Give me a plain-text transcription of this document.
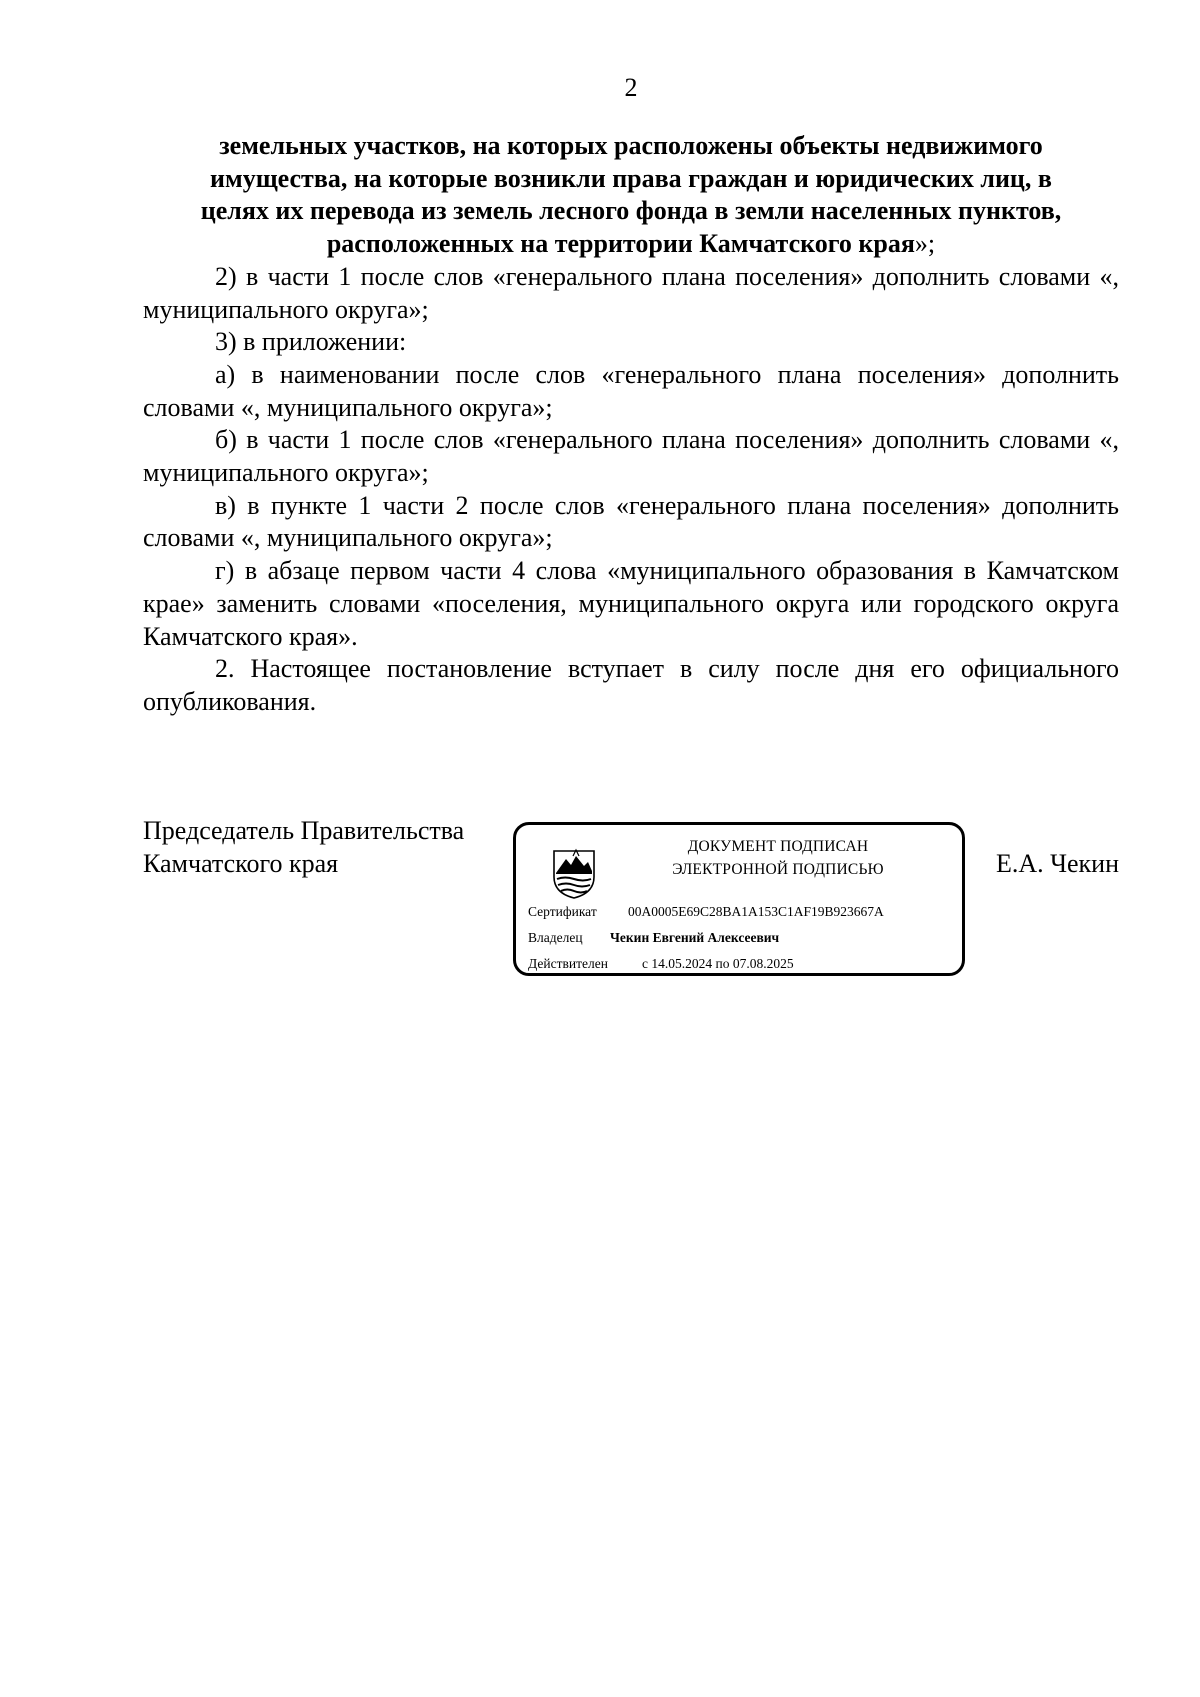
2

земельных участков, на которых расположены объекты недвижимого

имущества, на которые возникли права граждан и юридических лиц, в

целях их перевода из земель лесного фонда в земли населенных пунктов,

расположенных на территории Камчатского края»;

2) в части 1 после слов «генерального плана поселения» дополнить словами «, муниципального округа»;

3) в приложении:

а) в наименовании после слов «генерального плана поселения» дополнить словами «, муниципального округа»;

б) в части 1 после слов «генерального плана поселения» дополнить словами «, муниципального округа»;

в) в пункте 1 части 2 после слов «генерального плана поселения» дополнить словами «, муниципального округа»;

г) в абзаце первом части 4 слова «муниципального образования в Камчатском крае» заменить словами «поселения, муниципального округа или городского округа Камчатского края».

2. Настоящее постановление вступает в силу после дня его официального опубликования.

Председатель Правительства
Камчатского края
ДОКУМЕНТ ПОДПИСАН
ЭЛЕКТРОННОЙ ПОДПИСЬЮ
Сертификат 00A0005E69C28BA1A153C1AF19B923667A
Владелец Чекин Евгений Алексеевич
Действителен	с 14.05.2024 по 07.08.2025
Е.А. Чекин
